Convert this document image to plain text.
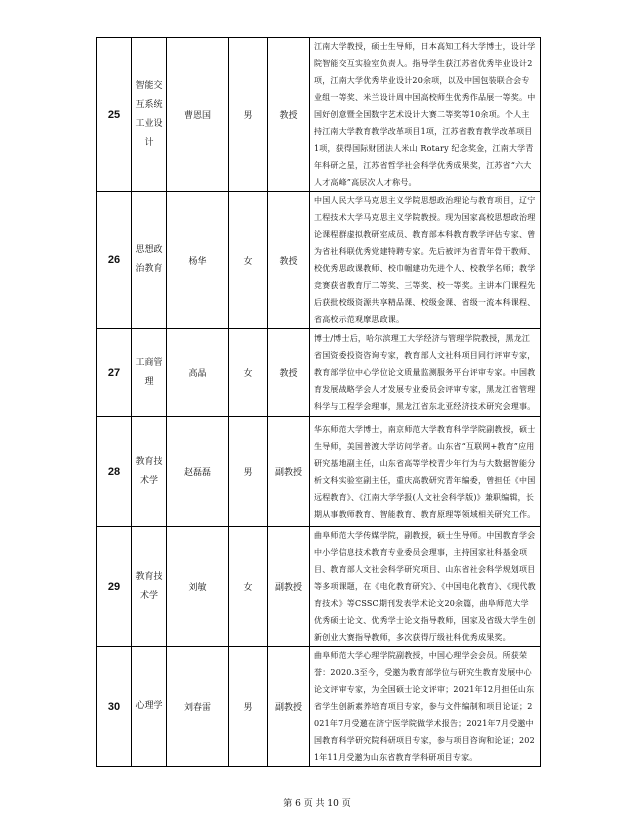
25	智能交互系统工业设计	曹恩国	男	教授	江南大学教授，硕士生导师，日本高知工科大学博士，设计学院智能交互实验室负责人。指导学生获江苏省优秀毕业设计2项，江南大学优秀毕业设计20余项，以及中国包装联合会专业组一等奖、米兰设计周中国高校师生优秀作品展一等奖。中国好创意暨全国数字艺术设计大赛二等奖等10余项。个人主持江南大学教育教学改革项目1项，江苏省教育教学改革项目1项，获得国际财团法人米山 Rotary 纪念奖金，江南大学青年科研之星，江苏省哲学社会科学优秀成果奖，江苏省“六大人才高峰”高层次人才称号。
26	思想政治教育	杨华	女	教授	中国人民大学马克思主义学院思想政治理论与教育项目，辽宁工程技术大学马克思主义学院教授。现为国家高校思想政治理论课程群虚拟教研室成员、教育部本科教育教学评估专家、曾为省社科联优秀党建特聘专家。先后被评为省青年骨干教师、校优秀思政课教师、校巾帼建功先进个人、校教学名师；教学竞赛获省教育厅二等奖、三等奖、校一等奖。主讲本门课程先后获批校级资源共享精品课、校级金课、省级一流本科课程、省高校示范观摩思政课。
27	工商管理	高晶	女	教授	博士/博士后，哈尔滨理工大学经济与管理学院教授，黑龙江省国资委投资咨询专家，教育部人文社科项目同行评审专家，教育部学位中心学位论文质量监测服务平台评审专家。中国教育发展战略学会人才发展专业委员会评审专家，黑龙江省管理科学与工程学会理事，黑龙江省东北亚经济技术研究会理事。
28	教育技术学	赵磊磊	男	副教授	华东师范大学博士，南京师范大学教育科学学院副教授，硕士生导师，美国普渡大学访问学者。山东省“互联网+教育”应用研究基地副主任，山东省高等学校青少年行为与大数据智能分析文科实验室副主任，重庆高教研究青年编委，曾担任《中国远程教育》、《江南大学学报(人文社会科学版)》兼职编辑，长期从事教师教育、智能教育、教育原理等领域相关研究工作。
29	教育技术学	刘敏	女	副教授	曲阜师范大学传媒学院，副教授，硕士生导师。中国教育学会中小学信息技术教育专业委员会理事，主持国家社科基金项目、教育部人文社会科学研究项目、山东省社会科学规划项目等多项课题，在《电化教育研究》、《中国电化教育》、《现代教育技术》等CSSC期刊发表学术论文20余篇，曲阜师范大学优秀硕士论文、优秀学士论文指导教师，国家及省级大学生创新创业大赛指导教师，多次获得厅级社科优秀成果奖。
30	心理学	刘春雷	男	副教授	曲阜师范大学心理学院副教授，中国心理学会会员。所获荣誉：2020.3至今，受邀为教育部学位与研究生教育发展中心论文评审专家，为全国硕士论文评审；2021年12月担任山东省学生创新素养培育项目专家，参与文件编制和项目论证；2021年7月受邀在济宁医学院做学术报告；2021年7月受邀中国教育科学研究院科研项目专家，参与项目咨询和论证；2021年11月受邀为山东省教育学科研项目专家。
第 6 页 共 10 页
